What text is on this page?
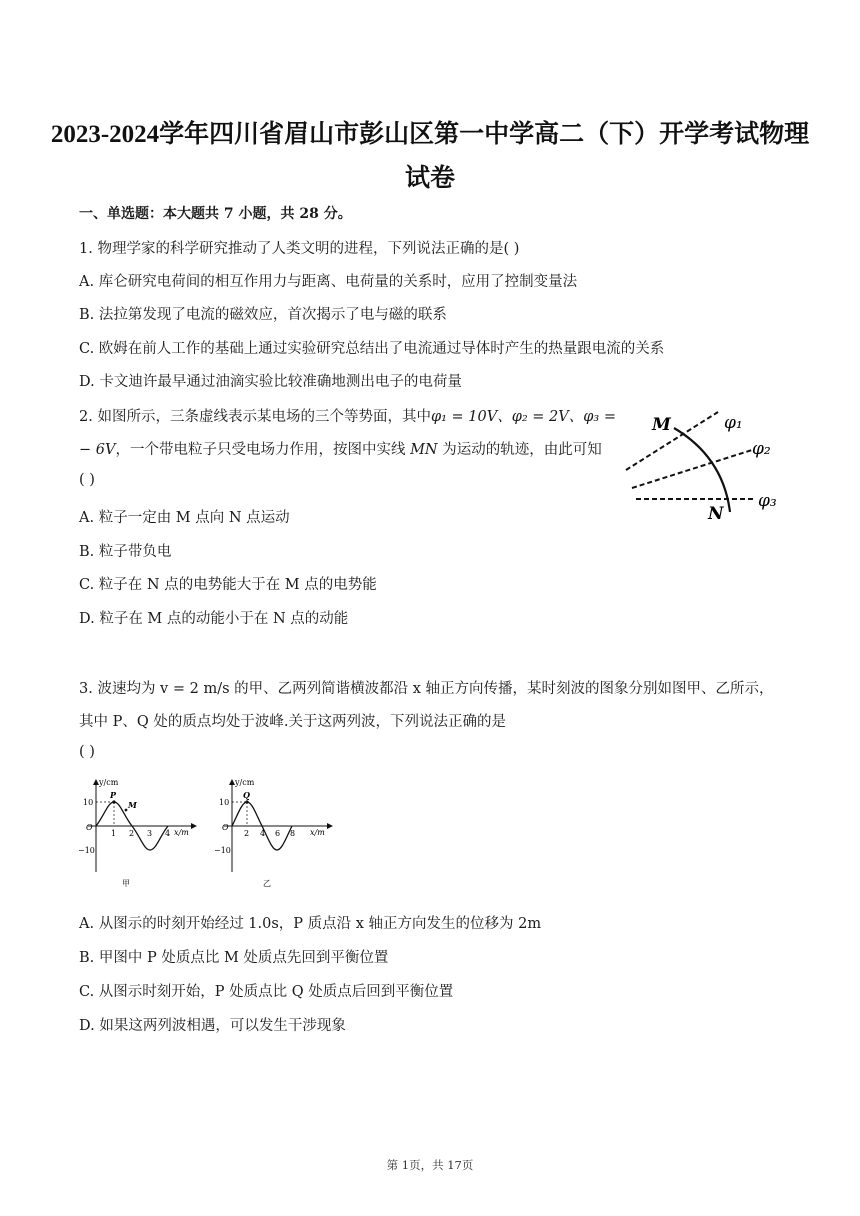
2023-2024学年四川省眉山市彭山区第一中学高二（下）开学考试物理
试卷
一、单选题：本大题共 7 小题，共 28 分。
1. 物理学家的科学研究推动了人类文明的进程，下列说法正确的是( )
A. 库仑研究电荷间的相互作用力与距离、电荷量的关系时，应用了控制变量法
B. 法拉第发现了电流的磁效应，首次揭示了电与磁的联系
C. 欧姆在前人工作的基础上通过实验研究总结出了电流通过导体时产生的热量跟电流的关系
D. 卡文迪许最早通过油滴实验比较准确地测出电子的电荷量
2. 如图所示，三条虚线表示某电场的三个等势面，其中φ₁ = 10V、φ₂ = 2V、φ₃ =
− 6V，一个带电粒子只受电场力作用，按图中实线 MN 为运动的轨迹，由此可知
( )
A. 粒子一定由 M 点向 N 点运动
B. 粒子带负电
C. 粒子在 N 点的电势能大于在 M 点的电势能
D. 粒子在 M 点的动能小于在 N 点的动能
M
N
φ₁
φ₂
φ₃
3. 波速均为 v = 2 m/s 的甲、乙两列简谐横波都沿 x 轴正方向传播，某时刻波的图象分别如图甲、乙所示，
其中 P、Q 处的质点均处于波峰.关于这两列波，下列说法正确的是
( )
y/cm
x/m
O
10
−10
1 2 3 4
P
M
甲
y/cm
x/m
O
10
−10
2 4 6 8
Q
乙
A. 从图示的时刻开始经过 1.0s，P 质点沿 x 轴正方向发生的位移为 2m
B. 甲图中 P 处质点比 M 处质点先回到平衡位置
C. 从图示时刻开始，P 处质点比 Q 处质点后回到平衡位置
D. 如果这两列波相遇，可以发生干涉现象
第 1页，共 17页
